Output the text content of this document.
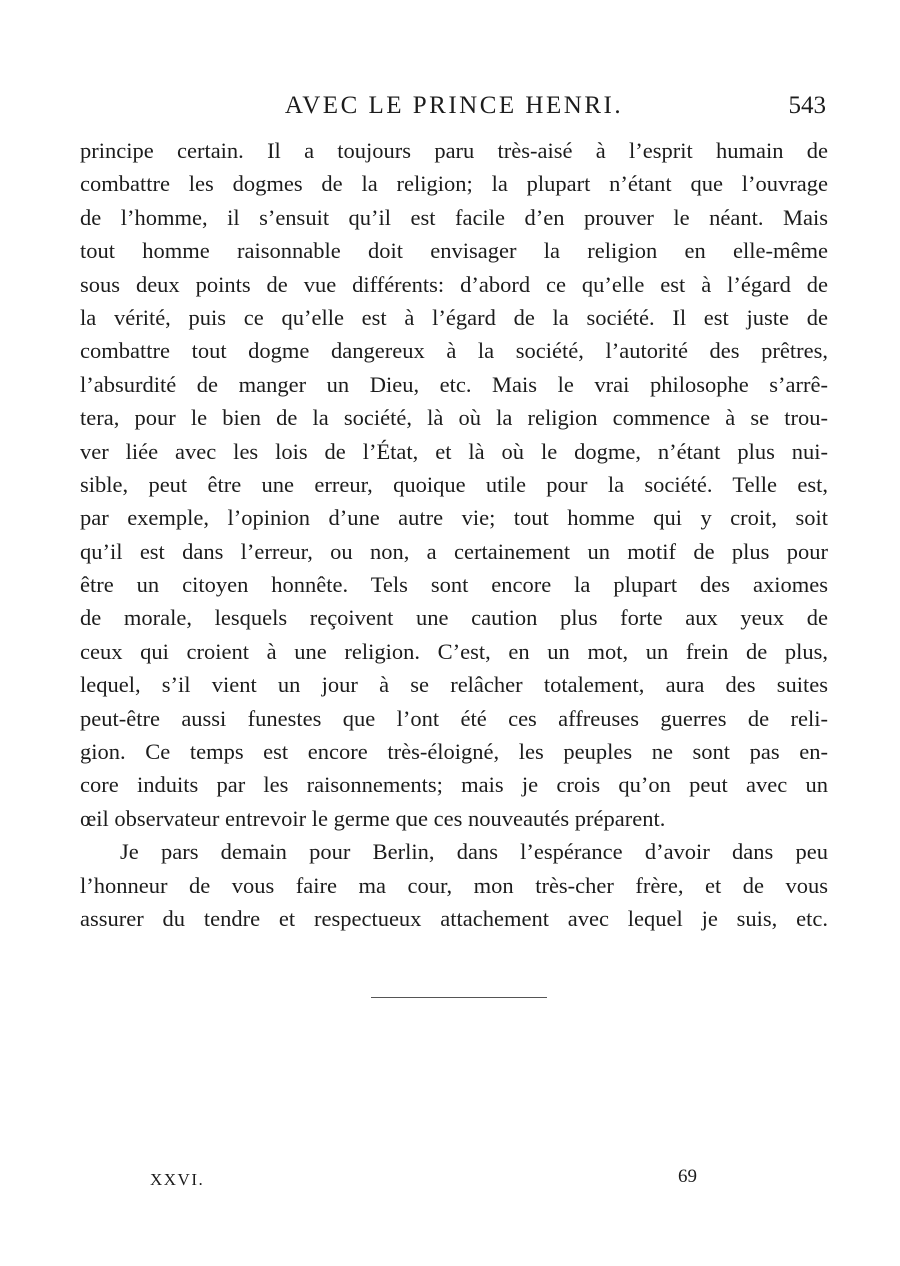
AVEC LE PRINCE HENRI.	543
principe certain. Il a toujours paru très-aisé à l’esprit humain de
combattre les dogmes de la religion; la plupart n’étant que l’ouvrage
de l’homme, il s’ensuit qu’il est facile d’en prouver le néant. Mais
tout homme raisonnable doit envisager la religion en elle-même
sous deux points de vue différents: d’abord ce qu’elle est à l’égard de
la vérité, puis ce qu’elle est à l’égard de la société. Il est juste de
combattre tout dogme dangereux à la société, l’autorité des prêtres,
l’absurdité de manger un Dieu, etc. Mais le vrai philosophe s’arrê-
tera, pour le bien de la société, là où la religion commence à se trou-
ver liée avec les lois de l’État, et là où le dogme, n’étant plus nui-
sible, peut être une erreur, quoique utile pour la société. Telle est,
par exemple, l’opinion d’une autre vie; tout homme qui y croit, soit
qu’il est dans l’erreur, ou non, a certainement un motif de plus pour
être un citoyen honnête. Tels sont encore la plupart des axiomes
de morale, lesquels reçoivent une caution plus forte aux yeux de
ceux qui croient à une religion. C’est, en un mot, un frein de plus,
lequel, s’il vient un jour à se relâcher totalement, aura des suites
peut-être aussi funestes que l’ont été ces affreuses guerres de reli-
gion. Ce temps est encore très-éloigné, les peuples ne sont pas en-
core induits par les raisonnements; mais je crois qu’on peut avec un
œil observateur entrevoir le germe que ces nouveautés préparent.
Je pars demain pour Berlin, dans l’espérance d’avoir dans peu
l’honneur de vous faire ma cour, mon très-cher frère, et de vous
assurer du tendre et respectueux attachement avec lequel je suis, etc.
XXVI.	69
